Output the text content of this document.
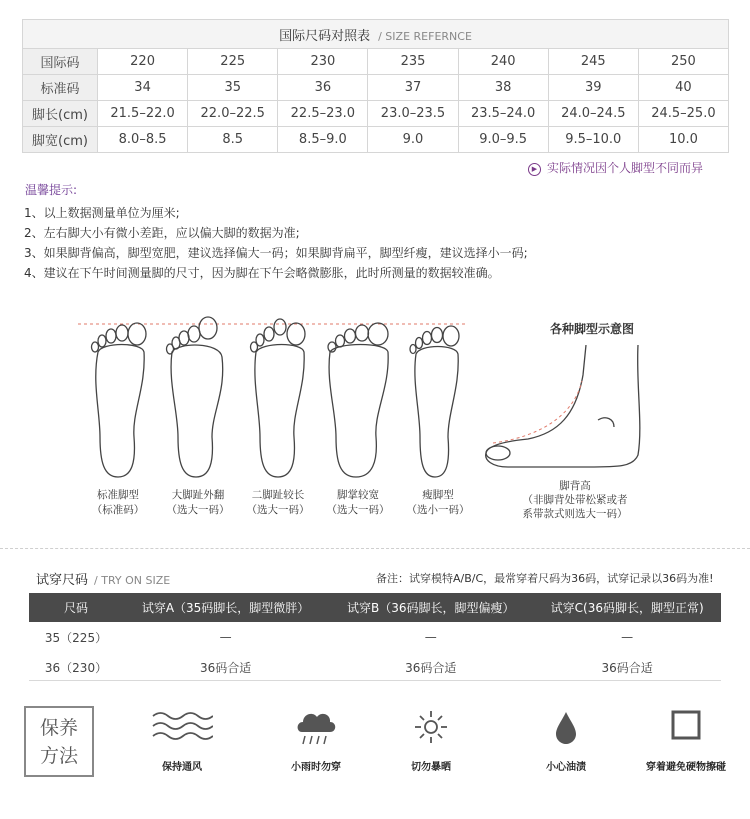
国际尺码对照表 / SIZE REFERNCE							
国际码	220	225	230	235	240	245	250
标准码	34	35	36	37	38	39	40
脚长(cm)	21.5–22.0	22.0–22.5	22.5–23.0	23.0–23.5	23.5–24.0	24.0–24.5	24.5–25.0
脚宽(cm)	8.0–8.5	8.5	8.5–9.0	9.0	9.0–9.5	9.5–10.0	10.0
▶ 实际情况因个人脚型不同而异
温馨提示:
1、以上数据测量单位为厘米;
2、左右脚大小有微小差距，应以偏大脚的数据为准;
3、如果脚背偏高，脚型宽肥，建议选择偏大一码；如果脚背扁平，脚型纤瘦，建议选择小一码;
4、建议在下午时间测量脚的尺寸，因为脚在下午会略微膨胀，此时所测量的数据较准确。
标准脚型
（标准码）
大脚趾外翻
（选大一码）
二脚趾较长
（选大一码）
脚掌较宽
（选大一码）
瘦脚型
（选小一码）
各种脚型示意图
脚背高
（非脚背处带松紧或者
系带款式则选大一码）
试穿尺码 / TRY ON SIZE	备注：试穿模特A/B/C，最常穿着尺码为36码，试穿记录以36码为准!
尺码	试穿A（35码脚长，脚型微胖）	试穿B（36码脚长，脚型偏瘦）	试穿C(36码脚长，脚型正常)
35（225）	—	—	—
36（230）	36码合适	36码合适	36码合适
保养
方法
保持通风	小雨时勿穿	切勿暴晒	小心油渍	穿着避免硬物擦碰
